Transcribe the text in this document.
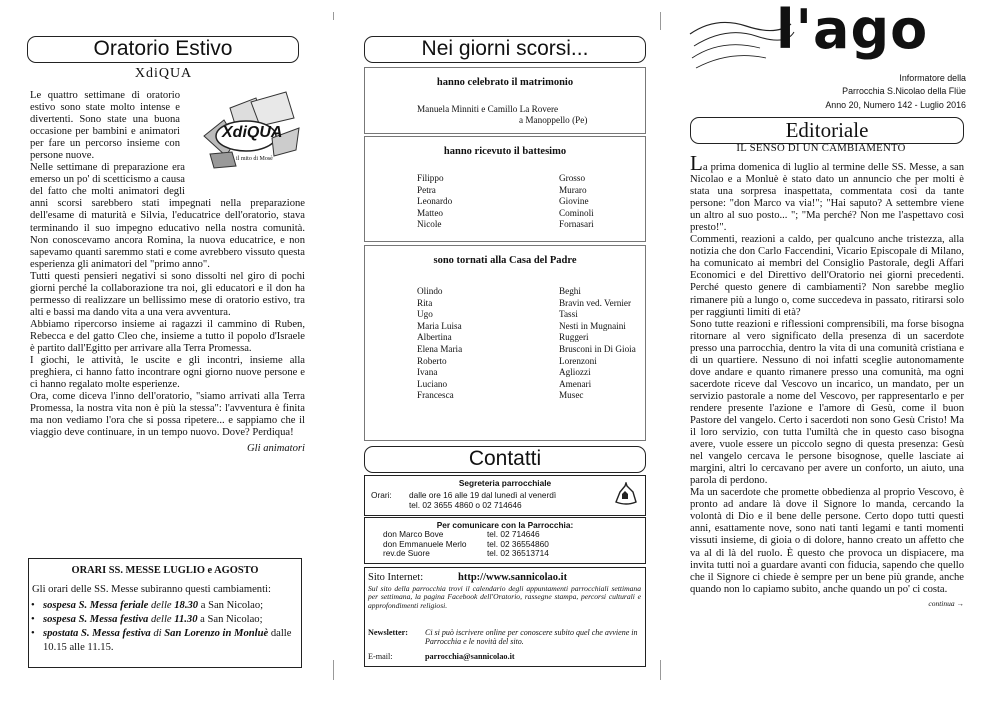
Oratorio Estivo
XdiQUA
XdiQUA
il mito di Mosè

Le quattro settimane di oratorio estivo sono state molto intense e divertenti. Sono state una buona occasione per bambini e animatori per fare un percorso insieme con persone nuove.

Nelle settimane di preparazione era emerso un po' di scetticismo a causa del fatto che molti animatori degli anni scorsi sarebbero stati impegnati nella preparazione dell'esame di maturità e Silvia, l'educatrice dell'oratorio, stava terminando il suo impegno educativo nella nostra comunità. Non conoscevamo ancora Romina, la nuova educatrice, e non sapevamo quanti saremmo stati e come avrebbero vissuto questa esperienza gli animatori del "primo anno".

Tutti questi pensieri negativi si sono dissolti nel giro di pochi giorni perché la collaborazione tra noi, gli educatori e il don ha permesso di realizzare un bellissimo mese di oratorio estivo, tra alti e bassi ma dando vita a una vera avventura.

Abbiamo ripercorso insieme ai ragazzi il cammino di Ruben, Rebecca e del gatto Cleo che, insieme a tutto il popolo d'Israele è partito dall'Egitto per arrivare alla Terra Promessa.

I giochi, le attività, le uscite e gli incontri, insieme alla preghiera, ci hanno fatto incontrare ogni giorno nuove persone e ci hanno regalato molte esperienze.

Ora, come diceva l'inno dell'oratorio, "siamo arrivati alla Terra Promessa, la nostra vita non è più la stessa": l'avventura è finita ma non vediamo l'ora che si possa ripetere... e sappiamo che il viaggio deve continuare, in un tempo nuovo. Dove? Perdiqua!

Gli animatori

ORARI SS. MESSE LUGLIO e AGOSTO
Gli orari delle SS. Messe subiranno questi cambiamenti:
• sospesa S. Messa feriale delle 18.30 a San Nicolao;
• sospesa S. Messa festiva delle 11.30 a San Nicolao;
• spostata S. Messa festiva di San Lorenzo in Monluè dalle 10.15 alle 11.15.
Nei giorni scorsi...
hanno celebrato il matrimonio
Manuela Minniti e Camillo La Rovere
a Manoppello (Pe)
hanno ricevuto il battesimo
Filippo	Grosso
Petra	Muraro
Leonardo	Giovine
Matteo	Cominoli
Nicole	Fornasari
sono tornati alla Casa del Padre
Olindo	Beghi
Rita	Bravin ved. Vernier
Ugo	Tassi
Maria Luisa	Nesti in Mugnaini
Albertina	Ruggeri
Elena Maria	Brusconi in Di Gioia
Roberto	Lorenzoni
Ivana	Agliozzi
Luciano	Amenari
Francesca	Musec
Contatti
Segreteria parrocchiale
Orari: dalle ore 16 alle 19 dal lunedì al venerdì
tel. 02 3655 4860 o 02 714646
Per comunicare con la Parrocchia:
don Marco Bove	tel. 02 714646
don Emmanuele Merlo tel. 02 36554860
rev.de Suore	tel. 02 36513714
Sito Internet:	http://www.sannicolao.it
Sul sito della parrocchia trovi il calendario degli appuntamenti parrocchiali settimana per settimana, la pagina Facebook dell'Oratorio, rassegne stampa, percorsi culturali e approfondimenti religiosi.
Newsletter: Ci si può iscrivere online per conoscere subito quel che avviene in Parrocchia e le novità del sito.
E-mail:	parrocchia@sannicolao.it
l'ago
Informatore della
Parrocchia S.Nicolao della Flüe
Anno 20, Numero 142 - Luglio 2016
Editoriale
IL SENSO DI UN CAMBIAMENTO

La prima domenica di luglio al termine delle SS. Messe, a san Nicolao e a Monluè è stato dato un annuncio che per molti è stata una sorpresa inaspettata, commentata così da tante persone: "don Marco va via!"; "Hai saputo? A settembre viene un altro al suo posto... "; "Ma perché? Non me l'aspettavo così presto!".

Commenti, reazioni a caldo, per qualcuno anche tristezza, alla notizia che don Carlo Faccendini, Vicario Episcopale di Milano, ha comunicato ai membri del Consiglio Pastorale, degli Affari Economici e del Direttivo dell'Oratorio nei giorni precedenti. Perché questo genere di cambiamenti? Non sarebbe meglio rimanere più a lungo o, come succedeva in passato, ritirarsi solo per raggiunti limiti di età?

Sono tutte reazioni e riflessioni comprensibili, ma forse bisogna ritornare al vero significato della presenza di un sacerdote presso una parrocchia, dentro la vita di una comunità cristiana e di un quartiere. Nessuno di noi infatti sceglie autonomamente dove andare e quanto rimanere presso una comunità, ma ogni sacerdote riceve dal Vescovo un incarico, un mandato, per un servizio pastorale a nome del Vescovo, per rappresentarlo e per rendere presente l'azione e l'amore di Gesù, come il buon Pastore del vangelo. Certo i sacerdoti non sono Gesù Cristo! Ma il loro servizio, con tutta l'umiltà che in questo caso bisogna avere, vuole essere un piccolo segno di questa presenza: Gesù nel vangelo cercava le persone bisognose, quelle lasciate ai margini, altri lo cercavano per avere un conforto, un aiuto, una parola di perdono.

Ma un sacerdote che promette obbedienza al proprio Vescovo, è pronto ad andare là dove il Signore lo manda, cercando la volontà di Dio e il bene delle persone. Certo dopo tutti questi anni, esattamente nove, sono nati tanti legami e tanti momenti vissuti insieme, di gioia o di dolore, hanno creato un affetto che va al di là del ruolo. È questo che provoca un dispiacere, ma invita tutti noi a guardare avanti con fiducia, sapendo che quello che il Signore ci chiede è sempre per un bene più grande, anche quando non lo capiamo subito, anche quando un po' ci costa.

continua →
